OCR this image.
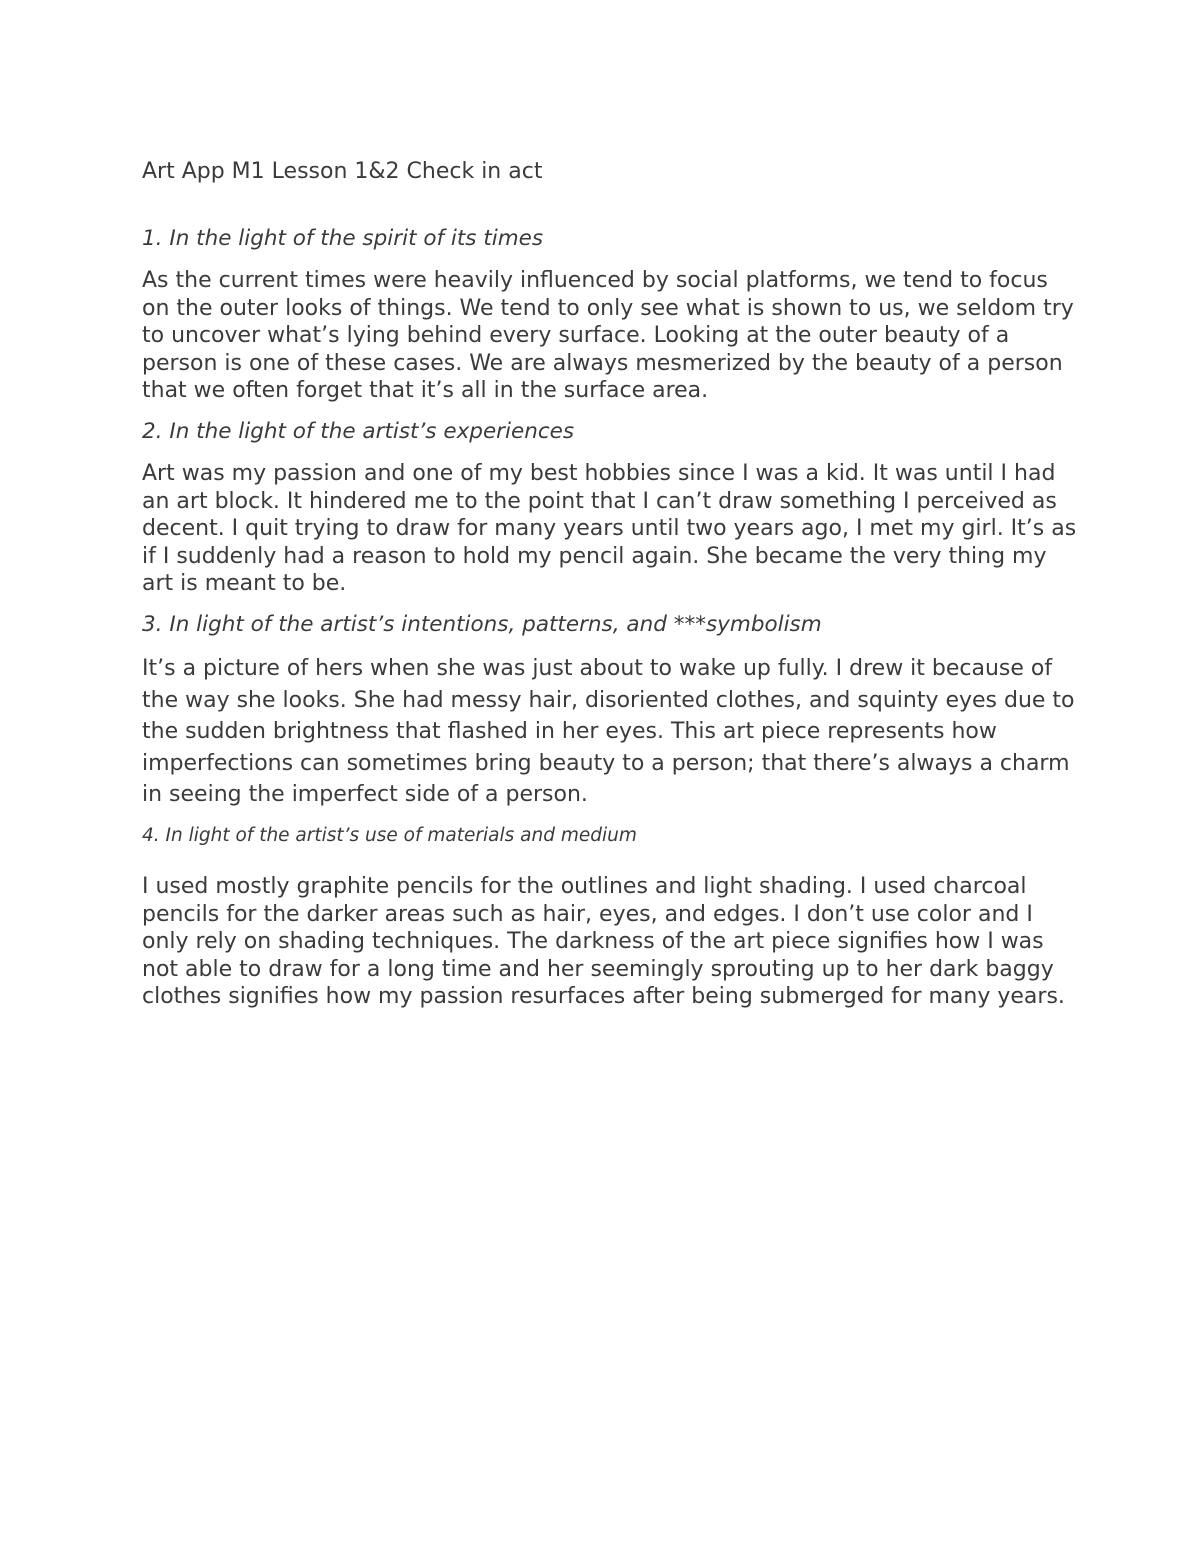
Art App M1 Lesson 1&2 Check in act
1. In the light of the spirit of its times
As the current times were heavily influenced by social platforms, we tend to focus on the outer looks of things. We tend to only see what is shown to us, we seldom try to uncover what’s lying behind every surface. Looking at the outer beauty of a person is one of these cases. We are always mesmerized by the beauty of a person that we often forget that it’s all in the surface area.
2. In the light of the artist’s experiences
Art was my passion and one of my best hobbies since I was a kid. It was until I had an art block. It hindered me to the point that I can’t draw something I perceived as decent. I quit trying to draw for many years until two years ago, I met my girl. It’s as if I suddenly had a reason to hold my pencil again. She became the very thing my art is meant to be.
3. In light of the artist’s intentions, patterns, and ***symbolism
It’s a picture of hers when she was just about to wake up fully. I drew it because of the way she looks. She had messy hair, disoriented clothes, and squinty eyes due to the sudden brightness that flashed in her eyes. This art piece represents how imperfections can sometimes bring beauty to a person; that there’s always a charm in seeing the imperfect side of a person.
4. In light of the artist’s use of materials and medium
I used mostly graphite pencils for the outlines and light shading. I used charcoal pencils for the darker areas such as hair, eyes, and edges. I don’t use color and I only rely on shading techniques. The darkness of the art piece signifies how I was not able to draw for a long time and her seemingly sprouting up to her dark baggy clothes signifies how my passion resurfaces after being submerged for many years.
